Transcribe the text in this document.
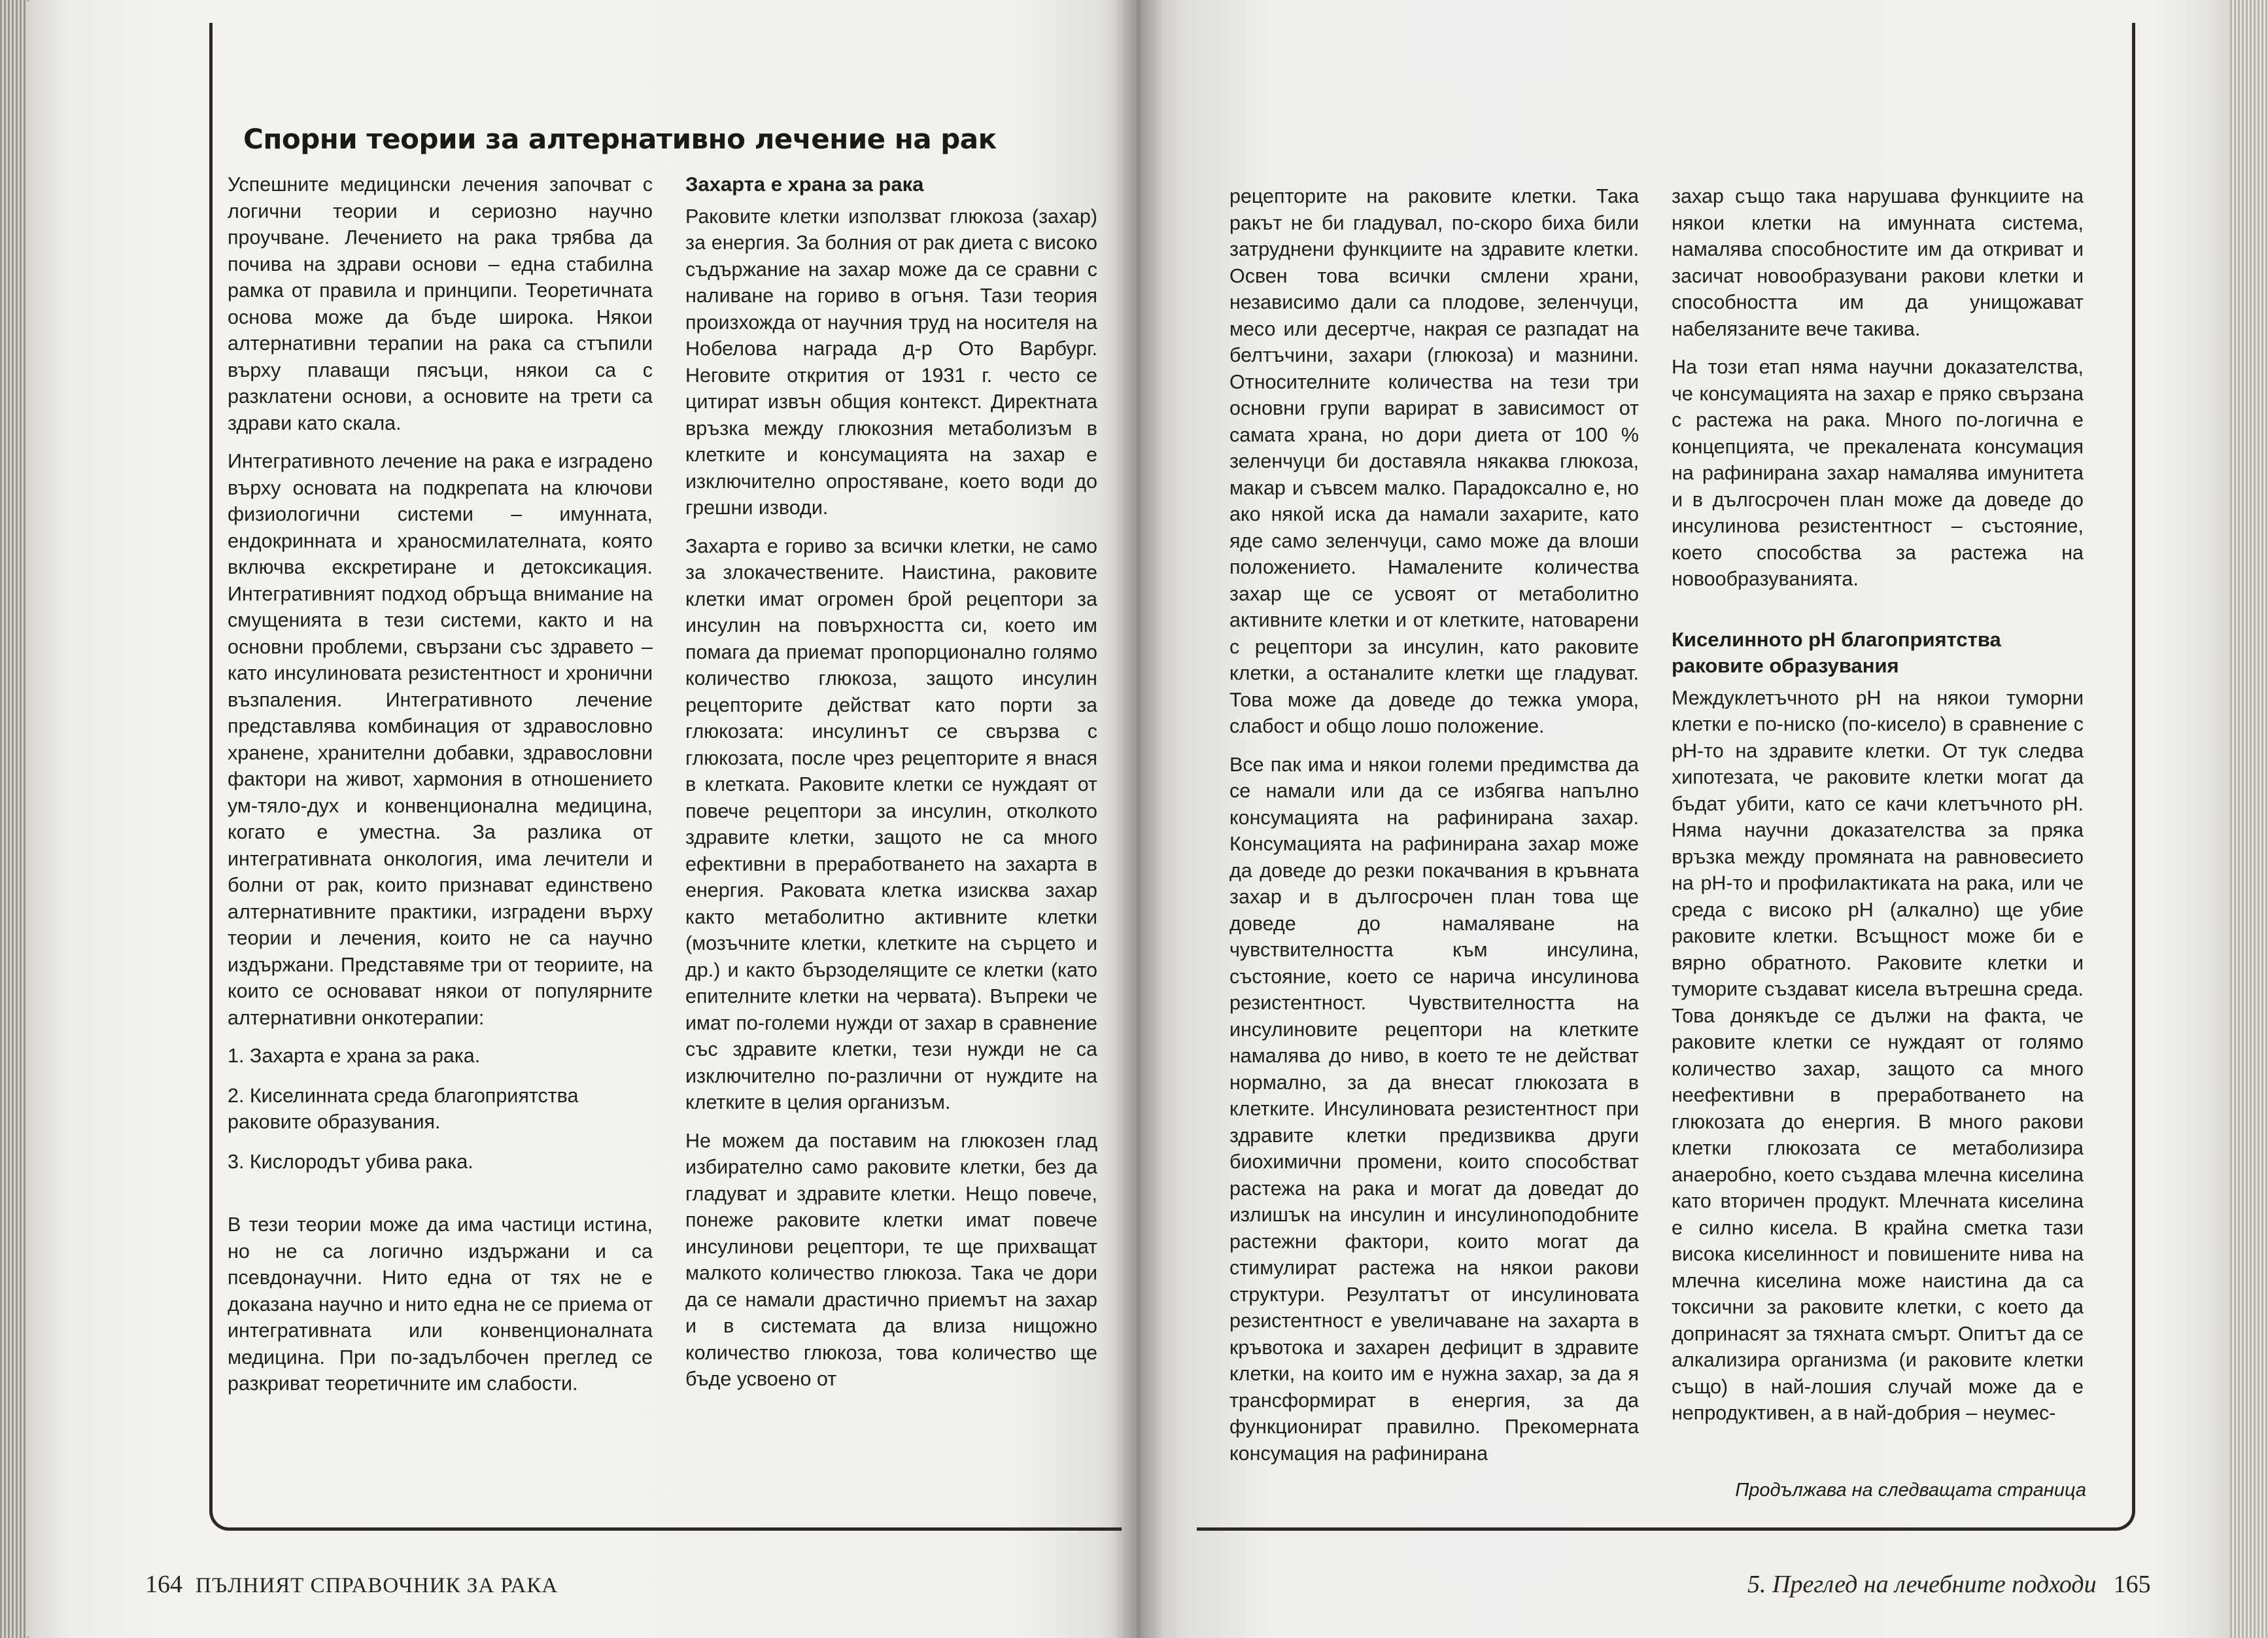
Спорни теории за алтернативно лечение на рак

Успешните медицински лечения започват с логични теории и сериозно научно проучване. Лечението на рака трябва да почива на здрави основи – една стабилна рамка от правила и принципи. Теоретичната основа може да бъде широка. Някои алтернативни терапии на рака са стъпили върху плаващи пясъци, някои са с разклатени основи, а основите на трети са здрави като скала.

Интегративното лечение на рака е изградено върху основата на подкрепата на ключови физиологични системи – имунната, ендокринната и храносмилателната, която включва екскретиране и детоксикация. Интегративният подход обръща внимание на смущенията в тези системи, както и на основни проблеми, свързани със здравето – като инсулиновата резистентност и хронични възпаления. Интегративното лечение представлява комбинация от здравословно хранене, хранителни добавки, здравословни фактори на живот, хармония в отношението ум-тяло-дух и конвенционална медицина, когато е уместна. За разлика от интегративната онкология, има лечители и болни от рак, които признават единствено алтернативните практики, изградени върху теории и лечения, които не са научно издържани. Представяме три от теориите, на които се основават някои от популярните алтернативни онкотерапии:

1. Захарта е храна за рака.

2. Киселинната среда благоприятства раковите образувания.

3. Кислородът убива рака.

В тези теории може да има частици истина, но не са логично издържани и са псевдонаучни. Нито една от тях не е доказана научно и нито една не се приема от интегративната или конвенционалната медицина. При по-задълбочен преглед се разкриват теоретичните им слабости.

Захарта е храна за рака

Раковите клетки използват глюкоза (захар) за енергия. За болния от рак диета с високо съдържание на захар може да се сравни с наливане на гориво в огъня. Тази теория произхожда от научния труд на носителя на Нобелова награда д-р Ото Варбург. Неговите открития от 1931 г. често се цитират извън общия контекст. Директната връзка между глюкозния метаболизъм в клетките и консумацията на захар е изключително опростяване, което води до грешни изводи.

Захарта е гориво за всички клетки, не само за злокачествените. Наистина, раковите клетки имат огромен брой рецептори за инсулин на повърхността си, което им помага да приемат пропорционално голямо количество глюкоза, защото инсулин рецепторите действат като порти за глюкозата: инсулинът се свързва с глюкозата, после чрез рецепторите я внася в клетката. Раковите клетки се нуждаят от повече рецептори за инсулин, отколкото здравите клетки, защото не са много ефективни в преработването на захарта в енергия. Раковата клетка изисква захар както метаболитно активните клетки (мозъчните клетки, клетките на сърцето и др.) и както бързоделящите се клетки (като епителните клетки на червата). Въпреки че имат по-големи нужди от захар в сравнение със здравите клетки, тези нужди не са изключително по-различни от нуждите на клетките в целия организъм.

Не можем да поставим на глюкозен глад избирателно само раковите клетки, без да гладуват и здравите клетки. Нещо повече, понеже раковите клетки имат повече инсулинови рецептори, те ще прихващат малкото количество глюкоза. Така че дори да се намали драстично приемът на захар и в системата да влиза нищожно количество глюкоза, това количество ще бъде усвоено от

рецепторите на раковите клетки. Така ракът не би гладувал, по-скоро биха били затруднени функциите на здравите клетки. Освен това всички смлени храни, независимо дали са плодове, зеленчуци, месо или десертче, накрая се разпадат на белтъчини, захари (глюкоза) и мазнини. Относителните количества на тези три основни групи варират в зависимост от самата храна, но дори диета от 100 % зеленчуци би доставяла някаква глюкоза, макар и съвсем малко. Парадоксално е, но ако някой иска да намали захарите, като яде само зеленчуци, само може да влоши положението. Намалените количества захар ще се усвоят от метаболитно активните клетки и от клетките, натоварени с рецептори за инсулин, като раковите клетки, а останалите клетки ще гладуват. Това може да доведе до тежка умора, слабост и общо лошо положение.

Все пак има и някои големи предимства да се намали или да се избягва напълно консумацията на рафинирана захар. Консумацията на рафинирана захар може да доведе до резки покачвания в кръвната захар и в дългосрочен план това ще доведе до намаляване на чувствителността към инсулина, състояние, което се нарича инсулинова резистентност. Чувствителността на инсулиновите рецептори на клетките намалява до ниво, в което те не действат нормално, за да внесат глюкозата в клетките. Инсулиновата резистентност при здравите клетки предизвиква други биохимични промени, които способстват растежа на рака и могат да доведат до излишък на инсулин и инсулиноподобните растежни фактори, които могат да стимулират растежа на някои ракови структури. Резултатът от инсулиновата резистентност е увеличаване на захарта в кръвотока и захарен дефицит в здравите клетки, на които им е нужна захар, за да я трансформират в енергия, за да функционират правилно. Прекомерната консумация на рафинирана

захар също така нарушава функциите на някои клетки на имунната система, намалява способностите им да откриват и засичат новообразувани ракови клетки и способността им да унищожават набелязаните вече такива.

На този етап няма научни доказателства, че консумацията на захар е пряко свързана с растежа на рака. Много по-логична е концепцията, че прекалената консумация на рафинирана захар намалява имунитета и в дългосрочен план може да доведе до инсулинова резистентност – състояние, което способства за растежа на новообразуванията.

Киселинното pH благоприятства раковите образувания

Междуклетъчното pH на някои туморни клетки е по-ниско (по-кисело) в сравнение с pH-то на здравите клетки. От тук следва хипотезата, че раковите клетки могат да бъдат убити, като се качи клетъчното pH. Няма научни доказателства за пряка връзка между промяната на равновесието на pH-то и профилактиката на рака, или че среда с високо pH (алкално) ще убие раковите клетки. Всъщност може би е вярно обратното. Раковите клетки и туморите създават кисела вътрешна среда. Това донякъде се дължи на факта, че раковите клетки се нуждаят от голямо количество захар, защото са много неефективни в преработването на глюкозата до енергия. В много ракови клетки глюкозата се метаболизира анаеробно, което създава млечна киселина като вторичен продукт. Млечната киселина е силно кисела. В крайна сметка тази висока киселинност и повишените нива на млечна киселина може наистина да са токсични за раковите клетки, с което да допринасят за тяхната смърт. Опитът да се алкализира организма (и раковите клетки също) в най-лошия случай може да е непродуктивен, а в най-добрия – неумес-

Продължава на следващата страница
164 ПЪЛНИЯТ СПРАВОЧНИК ЗА РАКА	5. Преглед на лечебните подходи 165
